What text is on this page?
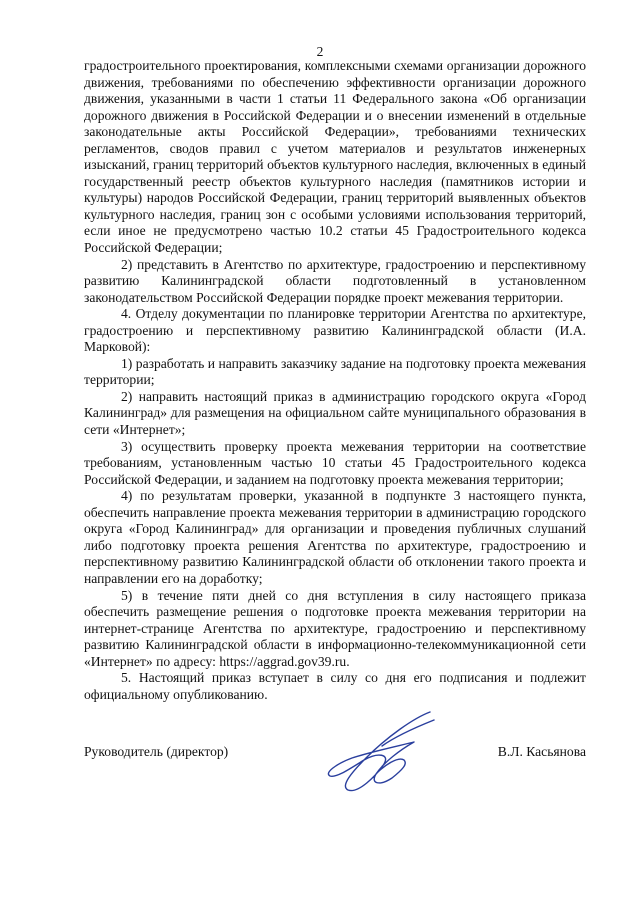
2

градостроительного проектирования, комплексными схемами организации дорожного движения, требованиями по обеспечению эффективности организации дорожного движения, указанными в части 1 статьи 11 Федерального закона «Об организации дорожного движения в Российской Федерации и о внесении изменений в отдельные законодательные акты Российской Федерации», требованиями технических регламентов, сводов правил с учетом материалов и результатов инженерных изысканий, границ территорий объектов культурного наследия, включенных в единый государственный реестр объектов культурного наследия (памятников истории и культуры) народов Российской Федерации, границ территорий выявленных объектов культурного наследия, границ зон с особыми условиями использования территорий, если иное не предусмотрено частью 10.2 статьи 45 Градостроительного кодекса Российской Федерации;

2) представить в Агентство по архитектуре, градостроению и перспективному развитию Калининградской области подготовленный в установленном законодательством Российской Федерации порядке проект межевания территории.

4. Отделу документации по планировке территории Агентства по архитектуре, градостроению и перспективному развитию Калининградской области (И.А. Марковой):

1) разработать и направить заказчику задание на подготовку проекта межевания территории;

2) направить настоящий приказ в администрацию городского округа «Город Калининград» для размещения на официальном сайте муниципального образования в сети «Интернет»;

3) осуществить проверку проекта межевания территории на соответствие требованиям, установленным частью 10 статьи 45 Градостроительного кодекса Российской Федерации, и заданием на подготовку проекта межевания территории;

4) по результатам проверки, указанной в подпункте 3 настоящего пункта, обеспечить направление проекта межевания территории в администрацию городского округа «Город Калининград» для организации и проведения публичных слушаний либо подготовку проекта решения Агентства по архитектуре, градостроению и перспективному развитию Калининградской области об отклонении такого проекта и направлении его на доработку;

5) в течение пяти дней со дня вступления в силу настоящего приказа обеспечить размещение решения о подготовке проекта межевания территории на интернет-странице Агентства по архитектуре, градостроению и перспективному развитию Калининградской области в информационно-телекоммуникационной сети «Интернет» по адресу: https://aggrad.gov39.ru.

5. Настоящий приказ вступает в силу со дня его подписания и подлежит официальному опубликованию.

Руководитель (директор)	В.Л. Касьянова
